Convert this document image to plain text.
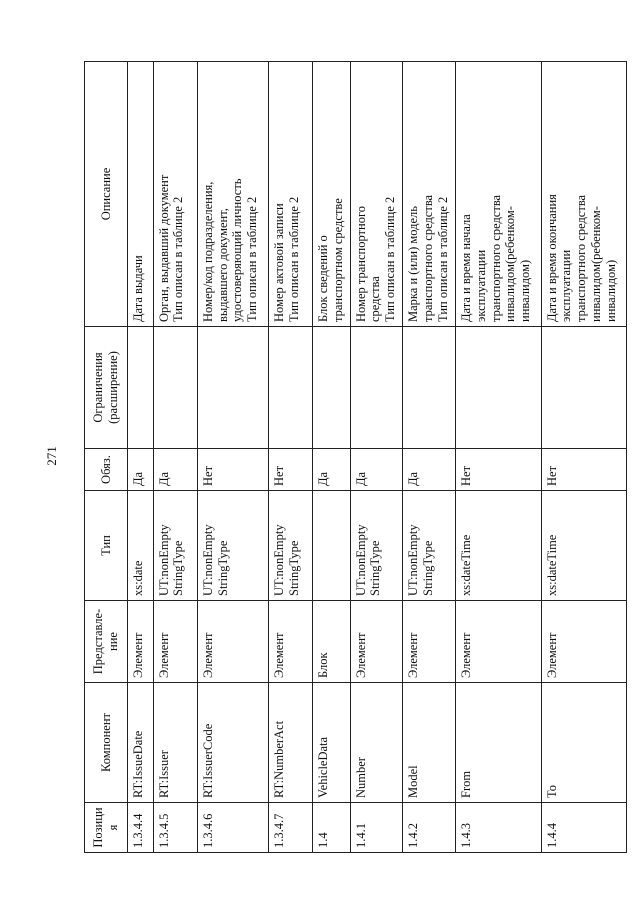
271
Позиция	Компонент	Представле-
ние	Тип	Обяз.	Ограничения
(расширение)	Описание
1.3.4.4	RT:IssueDate	Элемент	xs:date	Да		Дата выдачи
1.3.4.5	RT:Issuer	Элемент	UT:nonEmpty
StringType	Да		Орган, выдавший документ
Тип описан в таблице 2
1.3.4.6	RT:IssuerCode	Элемент	UT:nonEmpty
StringType	Нет		Номер/код подразделения,
выдавшего документ,
удостоверяющий личность
Тип описан в таблице 2
1.3.4.7	RT:NumberAct	Элемент	UT:nonEmpty
StringType	Нет		Номер актовой записи
Тип описан в таблице 2
1.4	VehicleData	Блок		Да		Блок сведений о
транспортном средстве
1.4.1	Number	Элемент	UT:nonEmpty
StringType	Да		Номер транспортного
средства
Тип описан в таблице 2
1.4.2	Model	Элемент	UT:nonEmpty
StringType	Да		Марка и (или) модель
транспортного средства
Тип описан в таблице 2
1.4.3	From	Элемент	xs:dateTime	Нет		Дата и время начала
эксплуатации
транспортного средства
инвалидом(ребенком-
инвалидом)
1.4.4	To	Элемент	xs:dateTime	Нет		Дата и время окончания
эксплуатации
транспортного средства
инвалидом(ребенком-
инвалидом)
